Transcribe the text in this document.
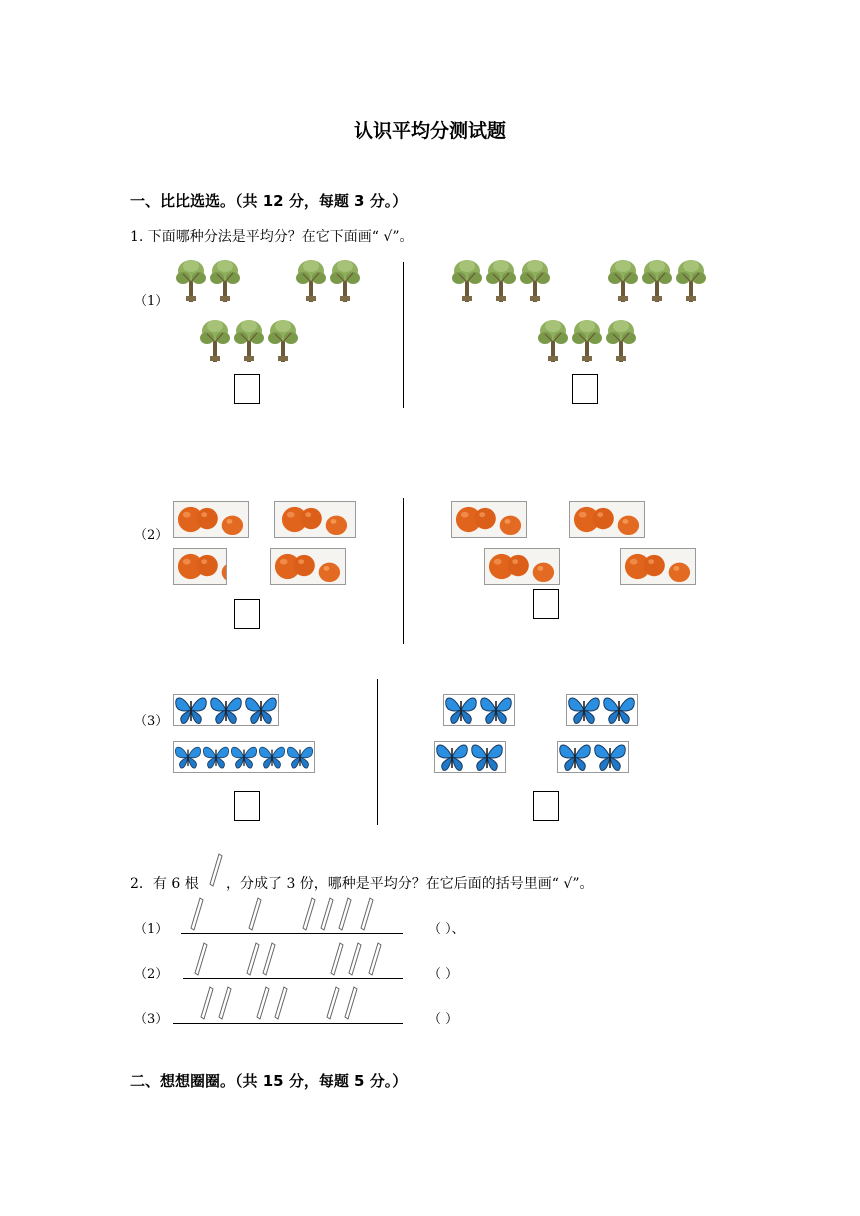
认识平均分测试题
一、比比选选。（共 12 分，每题 3 分。）
1. 下面哪种分法是平均分？在它下面画“ √”。
（1）
（2）
（3）
2．有 6 根 ，分成了 3 份，哪种是平均分？在它后面的括号里画“ √”。
（1）	（ ）、
（2）	（ ）
（3）	（ ）
二、想想圈圈。（共 15 分，每题 5 分。）
